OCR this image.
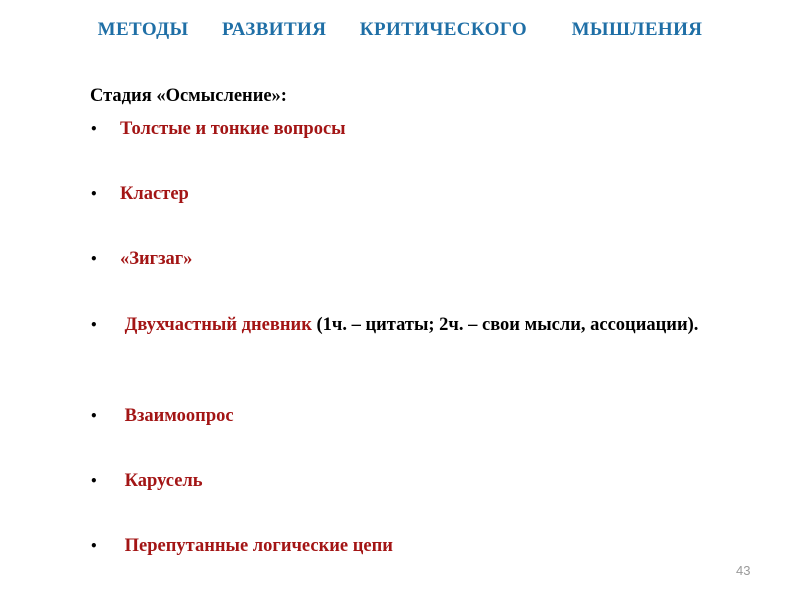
МЕТОДЫ   РАЗВИТИЯ   КРИТИЧЕСКОГО    МЫШЛЕНИЯ
Стадия «Осмысление»:
• Толстые и тонкие вопросы
• Кластер
• «Зигзаг»
• Двухчастный дневник (1ч. – цитаты; 2ч. – свои мысли, ассоциации).
• Взаимоопрос
• Карусель
• Перепутанные логические цепи
43
